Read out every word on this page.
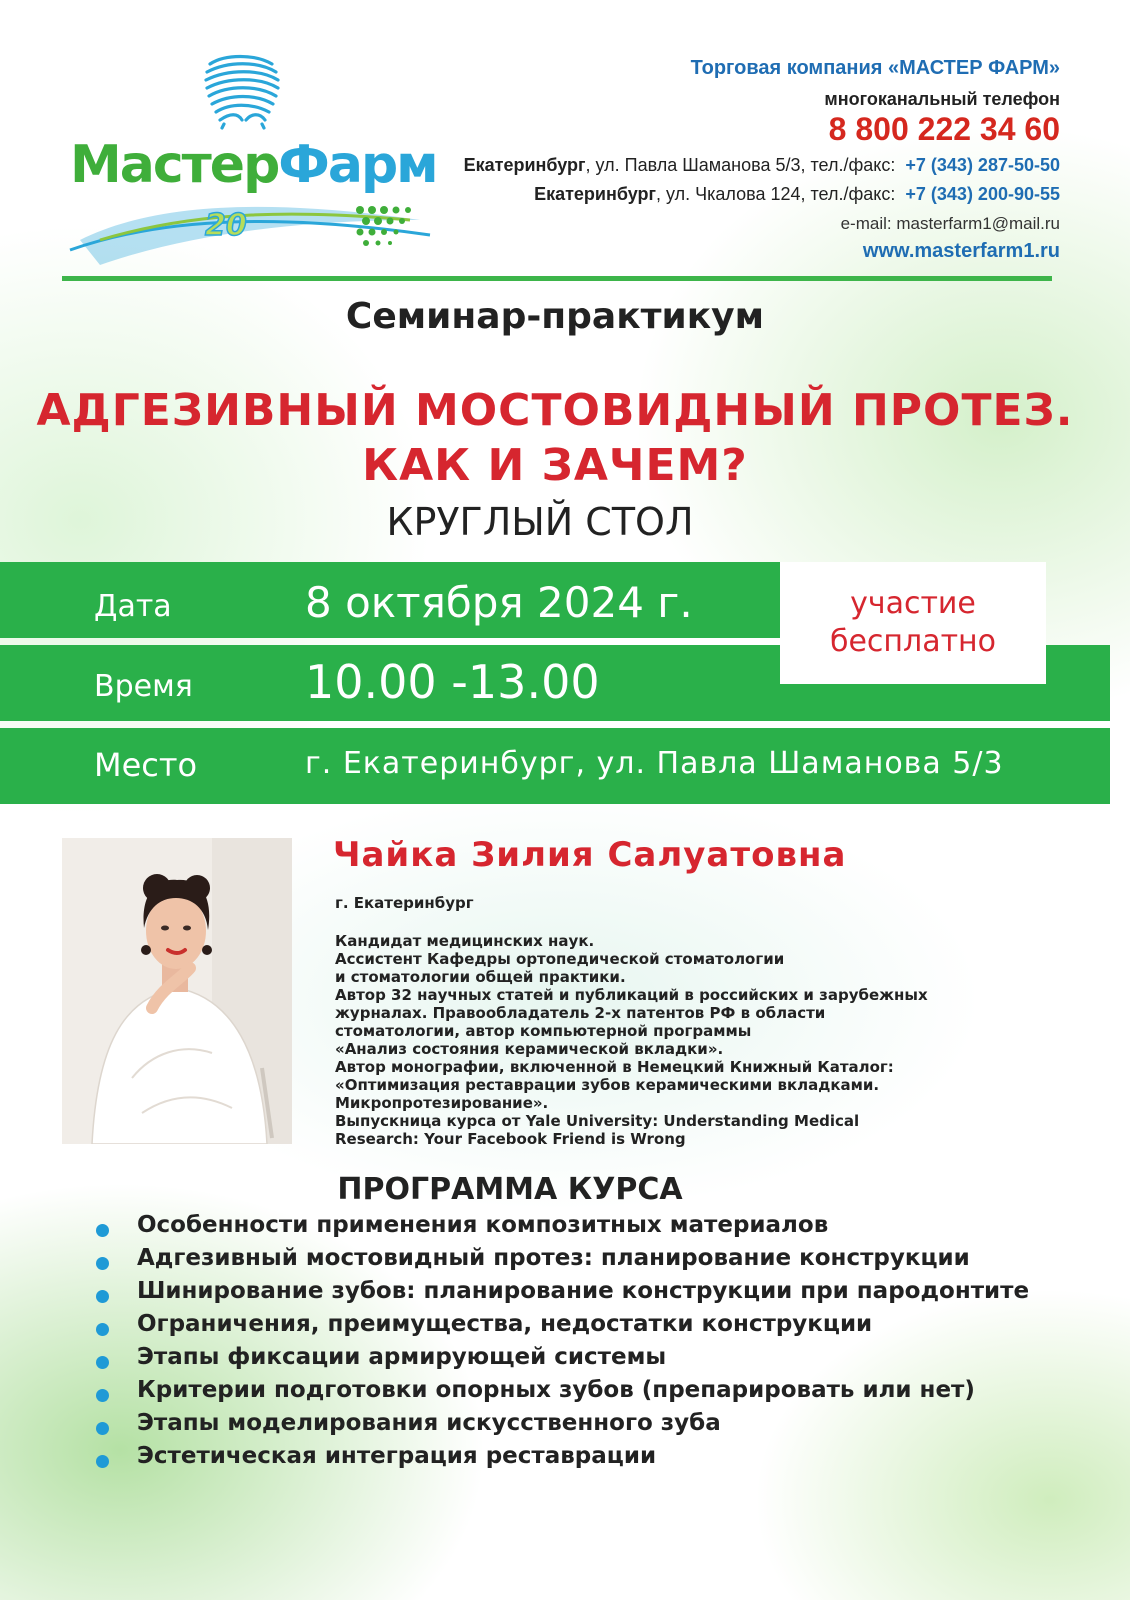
20
лет
МастерФарм
Торговая компания «МАСТЕР ФАРМ»
многоканальный телефон
8 800 222 34 60
Екатеринбург, ул. Павла Шаманова 5/3, тел./факс: +7 (343) 287-50-50
Екатеринбург, ул. Чкалова 124, тел./факс: +7 (343) 200-90-55
e-mail: masterfarm1@mail.ru
www.masterfarm1.ru
Семинар-практикум
АДГЕЗИВНЫЙ МОСТОВИДНЫЙ ПРОТЕЗ.
КАК И ЗАЧЕМ?
КРУГЛЫЙ СТОЛ
Дата	8 октября 2024 г.
Время 10.00 -13.00
Место	г. Екатеринбург, ул. Павла Шаманова 5/3
участие
бесплатно
Чайка Зилия Салуатовна
г. Екатеринбург
Кандидат медицинских наук.
Ассистент Кафедры ортопедической стоматологии
и стоматологии общей практики.
Автор 32 научных статей и публикаций в российских и зарубежных
журналах. Правообладатель 2-х патентов РФ в области
стоматологии, автор компьютерной программы
«Анализ состояния керамической вкладки».
Автор монографии, включенной в Немецкий Книжный Каталог:
«Оптимизация реставрации зубов керамическими вкладками.
Микропротезирование».
Выпускница курса от Yale University: Understanding Medical
Research: Your Facebook Friend is Wrong
ПРОГРАММА КУРСА
Особенности применения композитных материалов
Адгезивный мостовидный протез: планирование конструкции
Шинирование зубов: планирование конструкции при пародонтите
Ограничения, преимущества, недостатки конструкции
Этапы фиксации армирующей системы
Критерии подготовки опорных зубов (препарировать или нет)
Этапы моделирования искусственного зуба
Эстетическая интеграция реставрации
